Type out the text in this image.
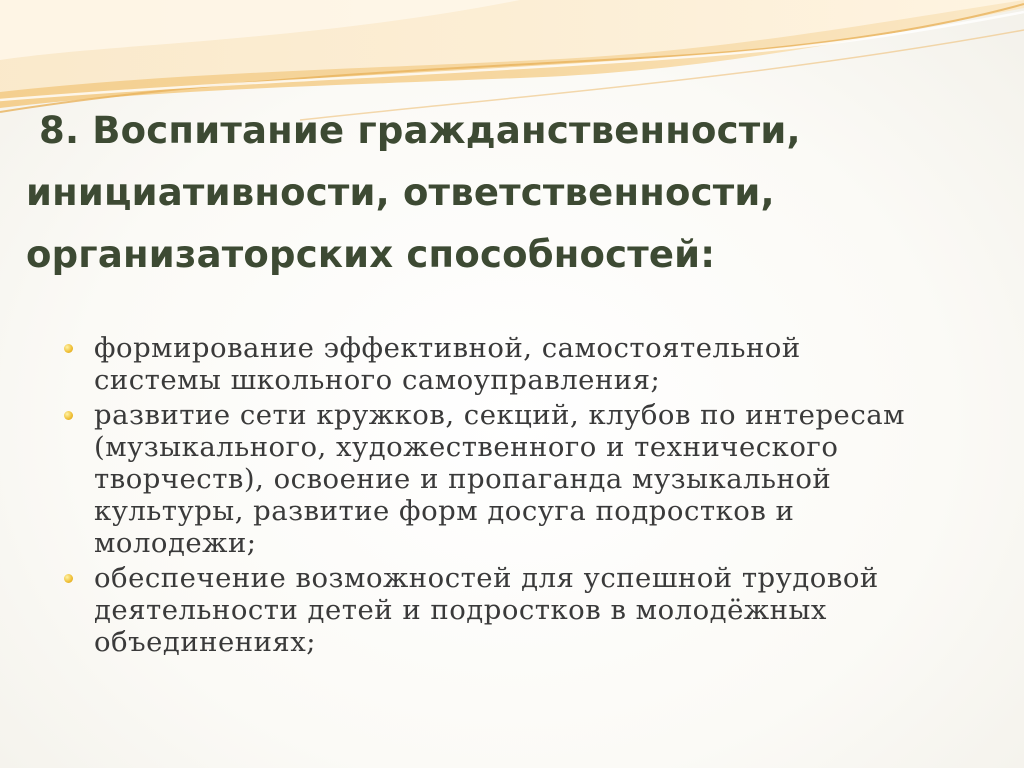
8. Воспитание гражданственности,
инициативности, ответственности,
организаторских способностей:
формирование эффективной, самостоятельной
системы школьного самоуправления;
развитие сети кружков, секций, клубов по интересам
(музыкального, художественного и технического
творчеств), освоение и пропаганда музыкальной
культуры, развитие форм досуга подростков и
молодежи;
обеспечение возможностей для успешной трудовой
деятельности детей и подростков в молодёжных
объединениях;
